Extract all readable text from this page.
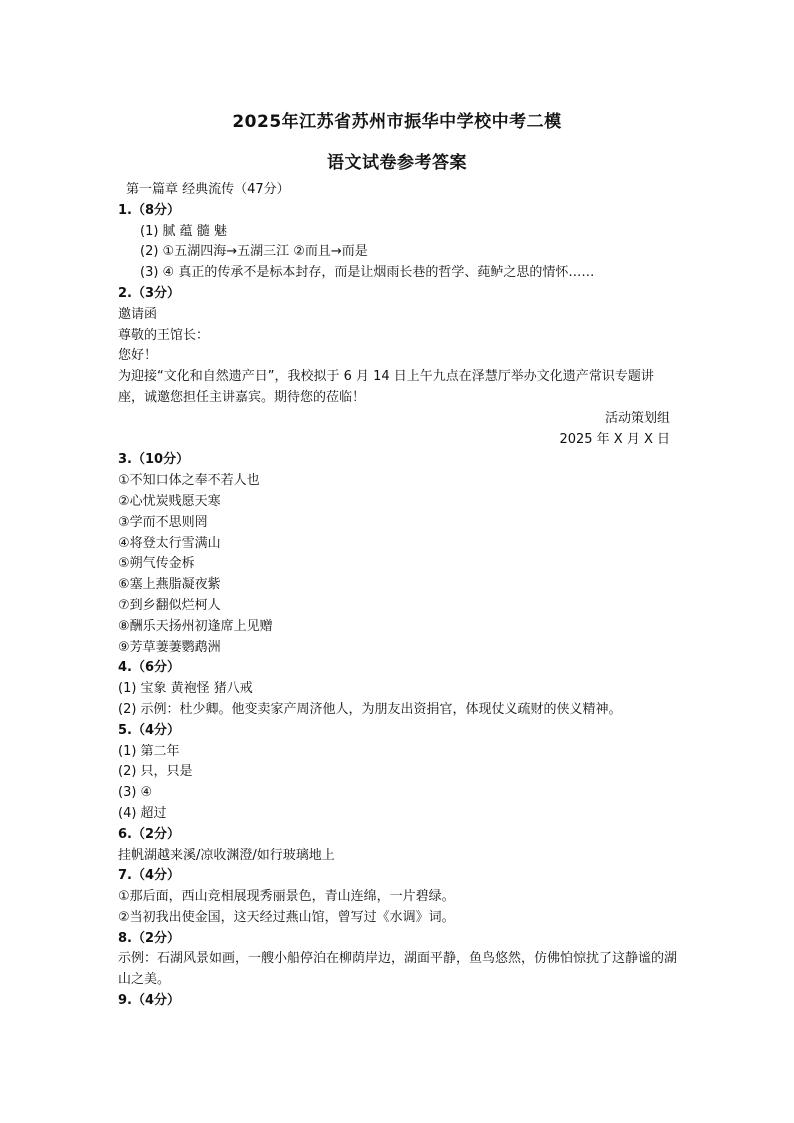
2025年江苏省苏州市振华中学校中考二模
语文试卷参考答案
第一篇章 经典流传（47分）
1.（8分）
(1) 腻 蕴 髓 魅
(2) ①五湖四海→五湖三江 ②而且→而是
(3) ④ 真正的传承不是标本封存，而是让烟雨长巷的哲学、莼鲈之思的情怀……
2.（3分）
邀请函
尊敬的王馆长：
您好！
为迎接“文化和自然遗产日”，我校拟于 6 月 14 日上午九点在泽慧厅举办文化遗产常识专题讲座，诚邀您担任主讲嘉宾。期待您的莅临！
活动策划组
2025 年 X 月 X 日
3.（10分）
①不知口体之奉不若人也
②心忧炭贱愿天寒
③学而不思则罔
④将登太行雪满山
⑤朔气传金柝
⑥塞上燕脂凝夜紫
⑦到乡翻似烂柯人
⑧酬乐天扬州初逢席上见赠
⑨芳草萋萋鹦鹉洲
4.（6分）
(1) 宝象 黄袍怪 猪八戒
(2) 示例：杜少卿。他变卖家产周济他人，为朋友出资捐官，体现仗义疏财的侠义精神。
5.（4分）
(1) 第二年
(2) 只，只是
(3) ④
(4) 超过
6.（2分）
挂帆湖越来溪/凉收渊澄/如行玻璃地上
7.（4分）
①那后面，西山竞相展现秀丽景色，青山连绵，一片碧绿。
②当初我出使金国，这天经过燕山馆，曾写过《水调》词。
8.（2分）
示例：石湖风景如画，一艘小船停泊在柳荫岸边，湖面平静，鱼鸟悠然，仿佛怕惊扰了这静谧的湖山之美。
9.（4分）
